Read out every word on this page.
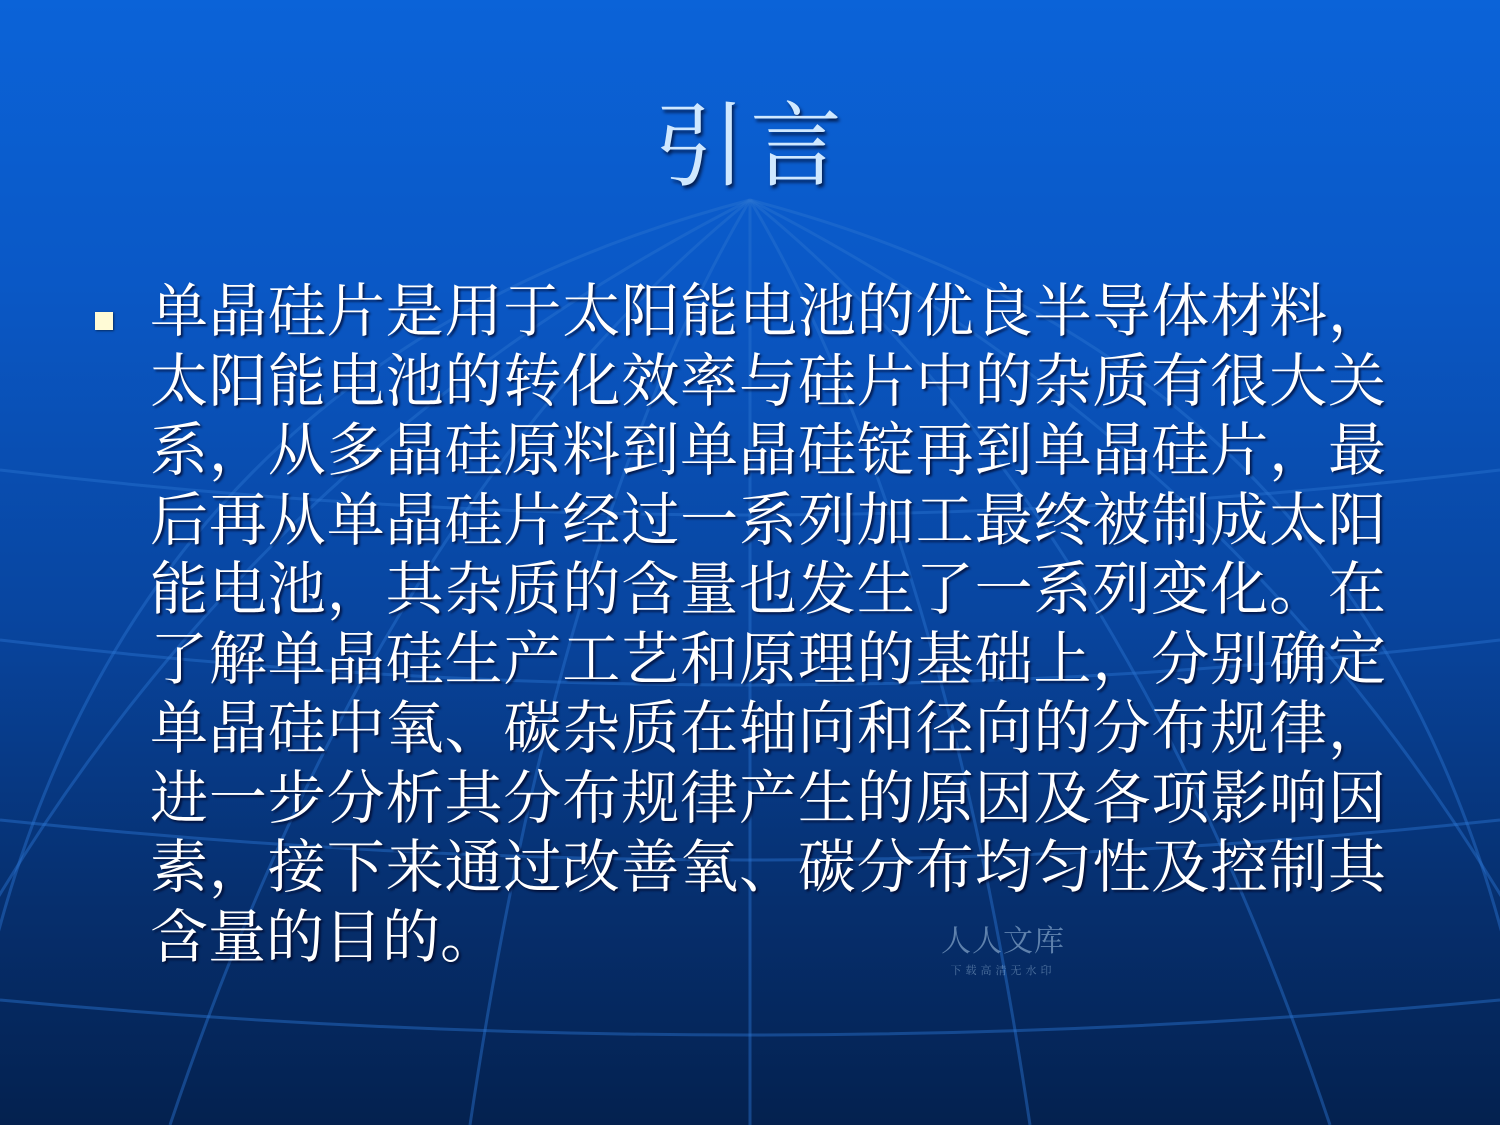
引言
单晶硅片是用于太阳能电池的优良半导体材料，太阳能电池的转化效率与硅片中的杂质有很大关系，从多晶硅原料到单晶硅锭再到单晶硅片，最后再从单晶硅片经过一系列加工最终被制成太阳能电池，其杂质的含量也发生了一系列变化。在了解单晶硅生产工艺和原理的基础上，分别确定单晶硅中氧、碳杂质在轴向和径向的分布规律，进一步分析其分布规律产生的原因及各项影响因素，接下来通过改善氧、碳分布均匀性及控制其含量的目的。	人人文库
下载高清无水印
